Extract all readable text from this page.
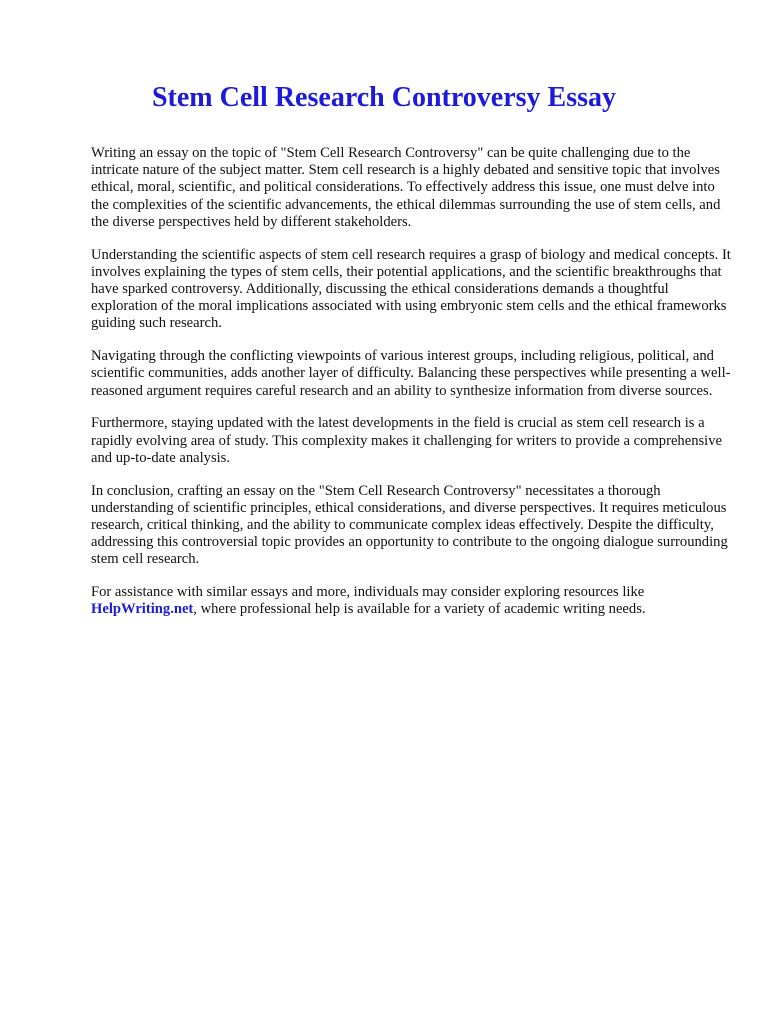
Stem Cell Research Controversy Essay

Writing an essay on the topic of "Stem Cell Research Controversy" can be quite challenging due to the intricate nature of the subject matter. Stem cell research is a highly debated and sensitive topic that involves ethical, moral, scientific, and political considerations. To effectively address this issue, one must delve into the complexities of the scientific advancements, the ethical dilemmas surrounding the use of stem cells, and the diverse perspectives held by different stakeholders.

Understanding the scientific aspects of stem cell research requires a grasp of biology and medical concepts. It involves explaining the types of stem cells, their potential applications, and the scientific breakthroughs that have sparked controversy. Additionally, discussing the ethical considerations demands a thoughtful exploration of the moral implications associated with using embryonic stem cells and the ethical frameworks guiding such research.

Navigating through the conflicting viewpoints of various interest groups, including religious, political, and scientific communities, adds another layer of difficulty. Balancing these perspectives while presenting a well-reasoned argument requires careful research and an ability to synthesize information from diverse sources.

Furthermore, staying updated with the latest developments in the field is crucial as stem cell research is a rapidly evolving area of study. This complexity makes it challenging for writers to provide a comprehensive and up-to-date analysis.

In conclusion, crafting an essay on the "Stem Cell Research Controversy" necessitates a thorough understanding of scientific principles, ethical considerations, and diverse perspectives. It requires meticulous research, critical thinking, and the ability to communicate complex ideas effectively. Despite the difficulty, addressing this controversial topic provides an opportunity to contribute to the ongoing dialogue surrounding stem cell research.

For assistance with similar essays and more, individuals may consider exploring resources like HelpWriting.net, where professional help is available for a variety of academic writing needs.
